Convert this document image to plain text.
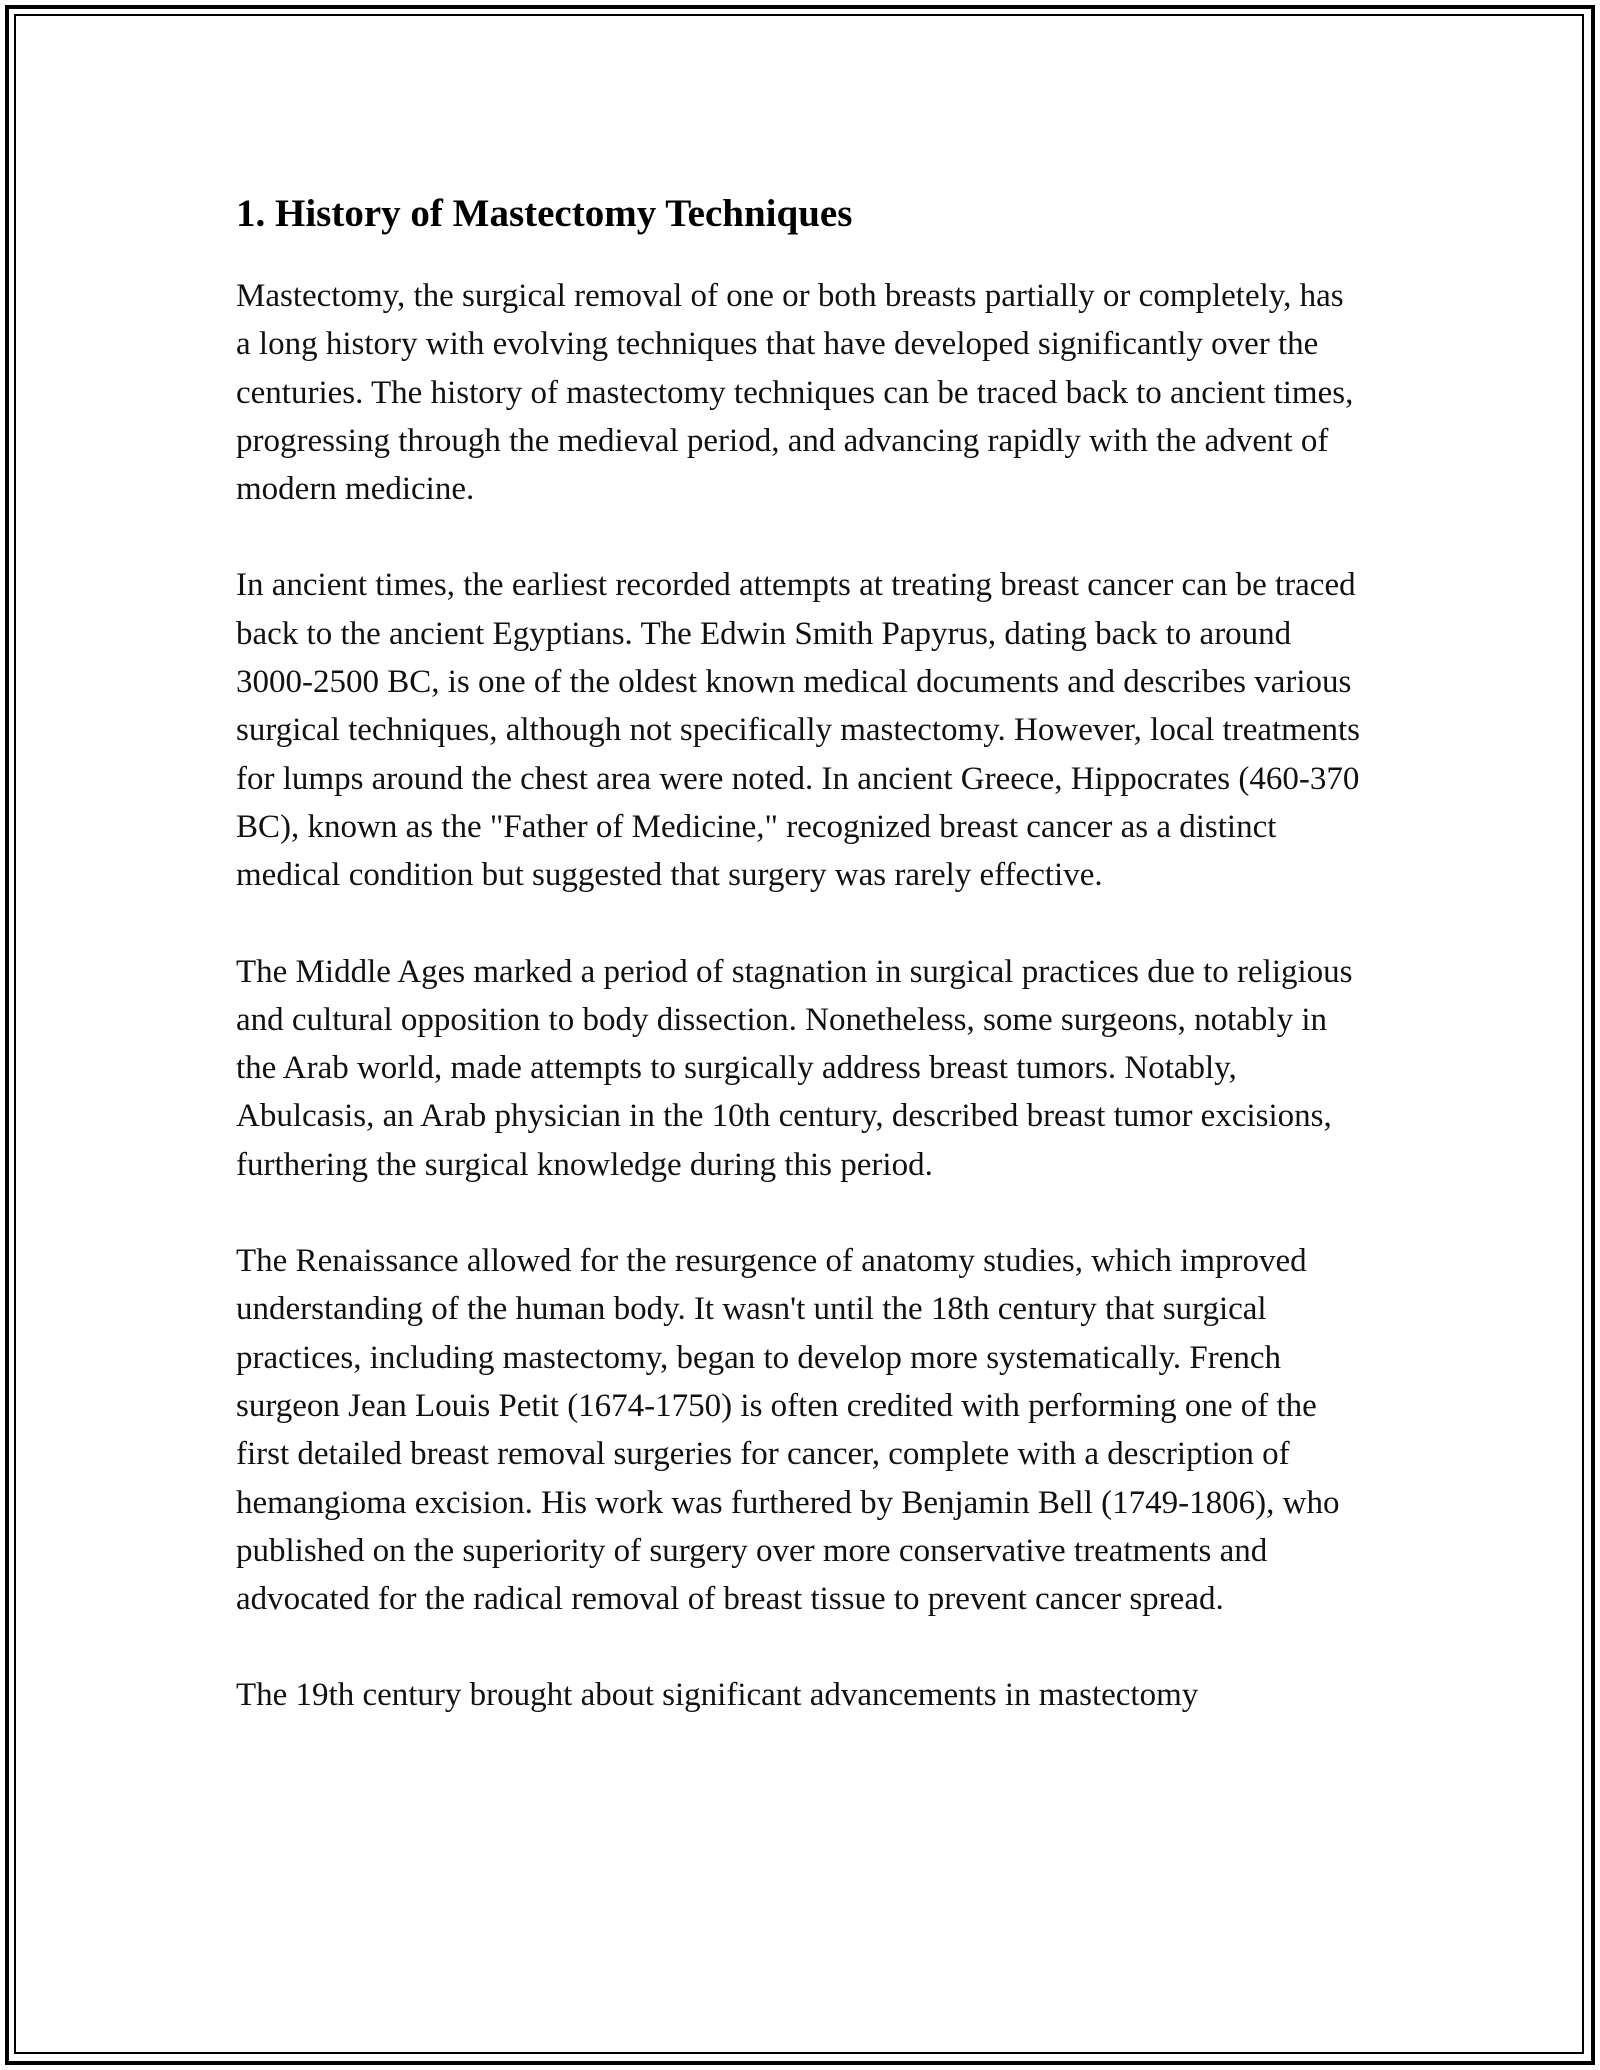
1. History of Mastectomy Techniques

Mastectomy, the surgical removal of one or both breasts partially or completely, has a long history with evolving techniques that have developed significantly over the centuries. The history of mastectomy techniques can be traced back to ancient times, progressing through the medieval period, and advancing rapidly with the advent of modern medicine.

In ancient times, the earliest recorded attempts at treating breast cancer can be traced back to the ancient Egyptians. The Edwin Smith Papyrus, dating back to around 3000-2500 BC, is one of the oldest known medical documents and describes various surgical techniques, although not specifically mastectomy. However, local treatments for lumps around the chest area were noted. In ancient Greece, Hippocrates (460-370 BC), known as the "Father of Medicine," recognized breast cancer as a distinct medical condition but suggested that surgery was rarely effective.

The Middle Ages marked a period of stagnation in surgical practices due to religious and cultural opposition to body dissection. Nonetheless, some surgeons, notably in the Arab world, made attempts to surgically address breast tumors. Notably, Abulcasis, an Arab physician in the 10th century, described breast tumor excisions, furthering the surgical knowledge during this period.

The Renaissance allowed for the resurgence of anatomy studies, which improved understanding of the human body. It wasn't until the 18th century that surgical practices, including mastectomy, began to develop more systematically. French surgeon Jean Louis Petit (1674-1750) is often credited with performing one of the first detailed breast removal surgeries for cancer, complete with a description of hemangioma excision. His work was furthered by Benjamin Bell (1749-1806), who published on the superiority of surgery over more conservative treatments and advocated for the radical removal of breast tissue to prevent cancer spread.

The 19th century brought about significant advancements in mastectomy
